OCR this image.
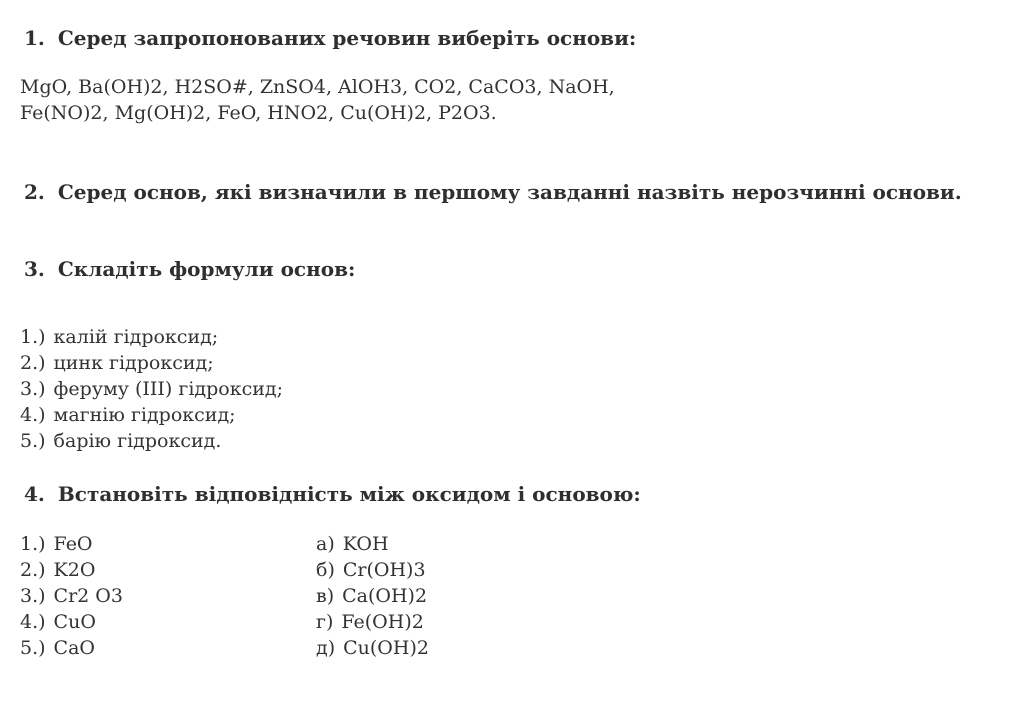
1. Серед запропонованих речовин виберіть основи:
MgO, Ba(OH)2, H2SO#, ZnSO4, AlOH3, CO2, CaCO3, NaOH,
Fe(NO)2, Mg(OH)2, FeO, HNO2, Cu(OH)2, P2O3.
2. Серед основ, які визначили в першому завданні назвіть нерозчинні основи.
3. Складіть формули основ:
1.) калій гідроксид;
2.) цинк гідроксид;
3.) феруму (III) гідроксид;
4.) магнію гідроксид;
5.) барію гідроксид.
4. Встановіть відповідність між оксидом і основою:
1.) FeO
2.) K2O
3.) Cr2 O3
4.) CuO
5.) CaO
а) KOH
б) Cr(OH)3
в) Ca(OH)2
г) Fe(OH)2
д) Cu(OH)2
